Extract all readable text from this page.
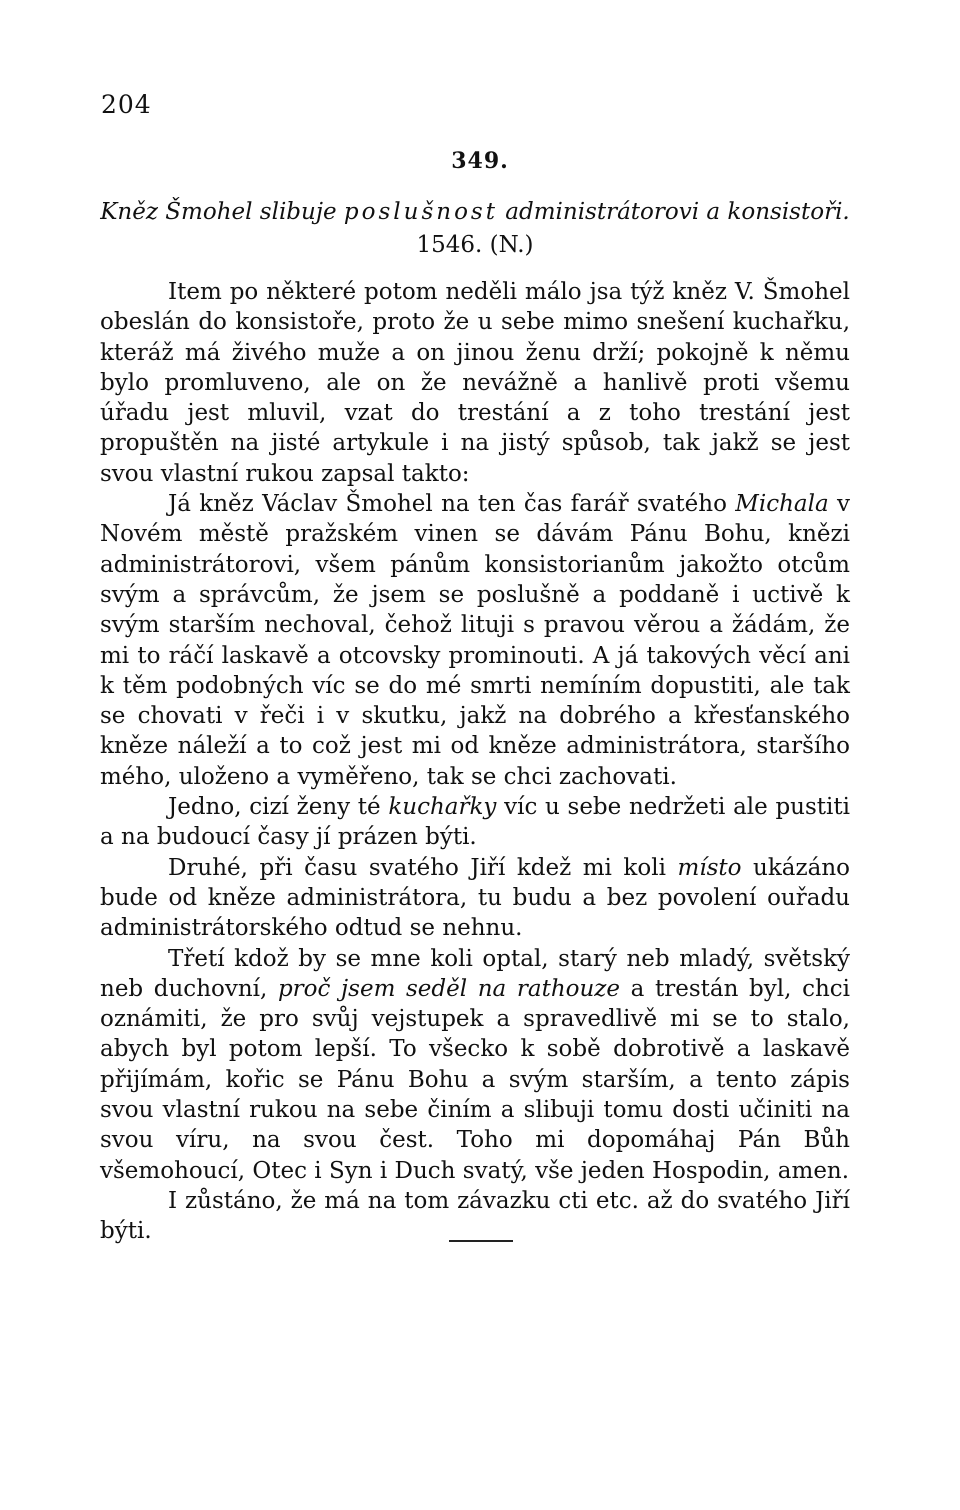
204
349.
Kněz Šmohel slibuje poslušnost administrátorovi a konsistoři.
1546. (N.)

Item po některé potom neděli málo jsa týž kněz V. Šmohel obeslán do konsistoře, proto že u sebe mimo snešení kuchařku, kteráž má živého muže a on jinou ženu drží; pokojně k němu bylo promluveno, ale on že nevážně a hanlivě proti všemu úřadu jest mluvil, vzat do trestání a z toho trestání jest propuštěn na jisté artykule i na jistý spůsob, tak jakž se jest svou vlastní rukou zapsal takto:

Já kněz Václav Šmohel na ten čas farář svatého Michala v Novém městě pražském vinen se dávám Pánu Bohu, knězi administrátorovi, všem pánům konsistorianům jakožto otcům svým a správcům, že jsem se poslušně a poddaně i uctivě k svým starším nechoval, čehož lituji s pravou věrou a žádám, že mi to ráčí laskavě a otcovsky prominouti. A já takových věcí ani k těm podobných víc se do mé smrti nemíním dopustiti, ale tak se chovati v řeči i v skutku, jakž na dobrého a křesťanského kněze náleží a to což jest mi od kněze administrátora, staršího mého, uloženo a vyměřeno, tak se chci zachovati.

Jedno, cizí ženy té kuchařky víc u sebe nedržeti ale pustiti a na budoucí časy jí prázen býti.

Druhé, při času svatého Jiří kdež mi koli místo ukázáno bude od kněze administrátora, tu budu a bez povolení ouřadu administrátorského odtud se nehnu.

Třetí kdož by se mne koli optal, starý neb mladý, světský neb duchovní, proč jsem seděl na rathouze a trestán byl, chci oznámiti, že pro svůj vejstupek a spravedlivě mi se to stalo, abych byl potom lepší. To všecko k sobě dobrotivě a laskavě přijímám, kořic se Pánu Bohu a svým starším, a tento zápis svou vlastní rukou na sebe činím a slibuji tomu dosti učiniti na svou víru, na svou čest. Toho mi dopomáhaj Pán Bůh všemohoucí, Otec i Syn i Duch svatý, vše jeden Hospodin, amen.

I zůstáno, že má na tom závazku cti etc. až do svatého Jiří býti.
